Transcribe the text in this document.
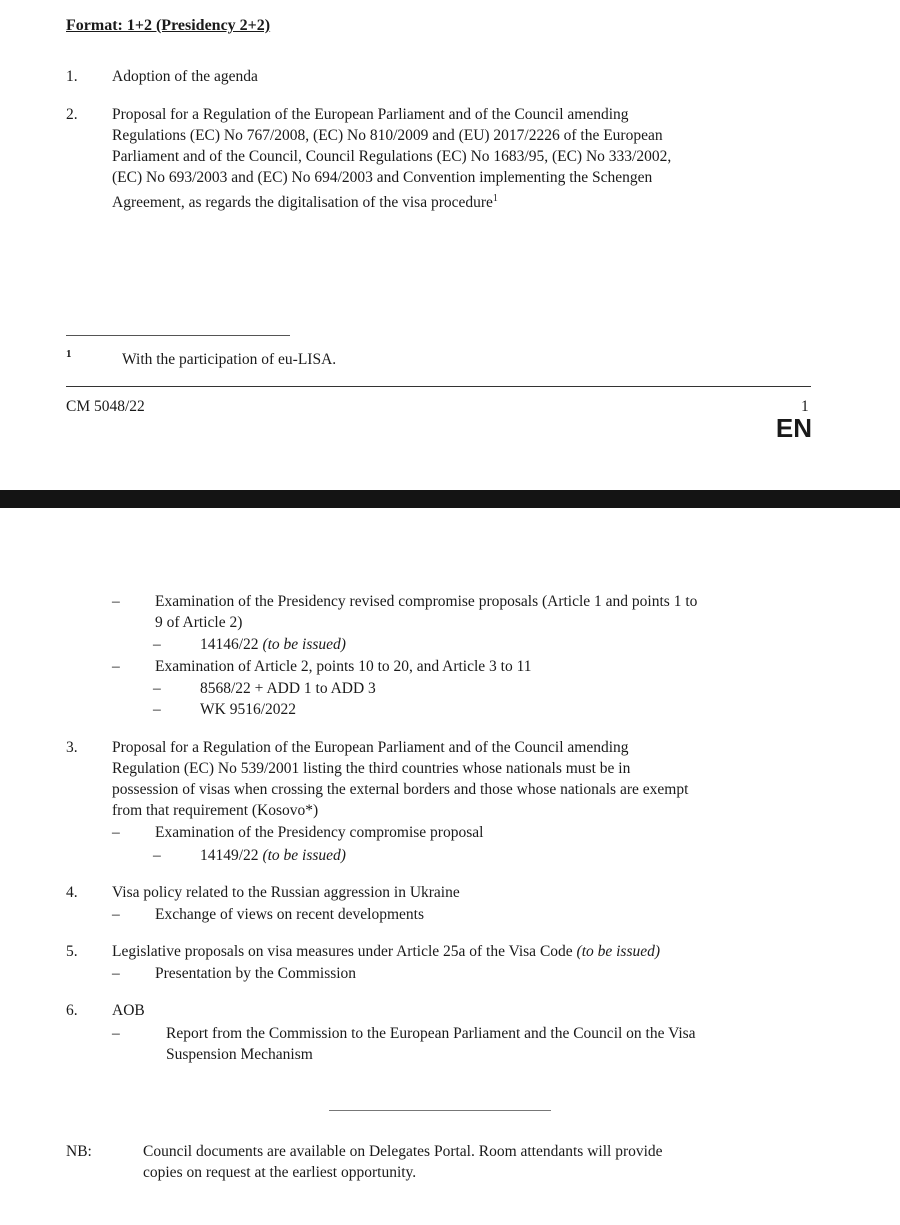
Format: 1+2 (Presidency 2+2)
1. Adoption of the agenda
2. Proposal for a Regulation of the European Parliament and of the Council amending
Regulations (EC) No 767/2008, (EC) No 810/2009 and (EU) 2017/2226 of the European
Parliament and of the Council, Council Regulations (EC) No 1683/95, (EC) No 333/2002,
(EC) No 693/2003 and (EC) No 694/2003 and Convention implementing the Schengen
Agreement, as regards the digitalisation of the visa procedure$^1$
1	With the participation of eu-LISA.
CM 5048/22	1
EN
– Examination of the Presidency revised compromise proposals (Article 1 and points 1 to
9 of Article 2)
–	14146/22 (to be issued)
– Examination of Article 2, points 10 to 20, and Article 3 to 11
–	8568/22 + ADD 1 to ADD 3
–	WK 9516/2022
3. Proposal for a Regulation of the European Parliament and of the Council amending
Regulation (EC) No 539/2001 listing the third countries whose nationals must be in
possession of visas when crossing the external borders and those whose nationals are exempt
from that requirement (Kosovo*)
– Examination of the Presidency compromise proposal
–	14149/22 (to be issued)
4. Visa policy related to the Russian aggression in Ukraine
– Exchange of views on recent developments
5. Legislative proposals on visa measures under Article 25a of the Visa Code (to be issued)
– Presentation by the Commission
6. AOB
–	Report from the Commission to the European Parliament and the Council on the Visa
Suspension Mechanism
NB:	Council documents are available on Delegates Portal. Room attendants will provide
copies on request at the earliest opportunity.
